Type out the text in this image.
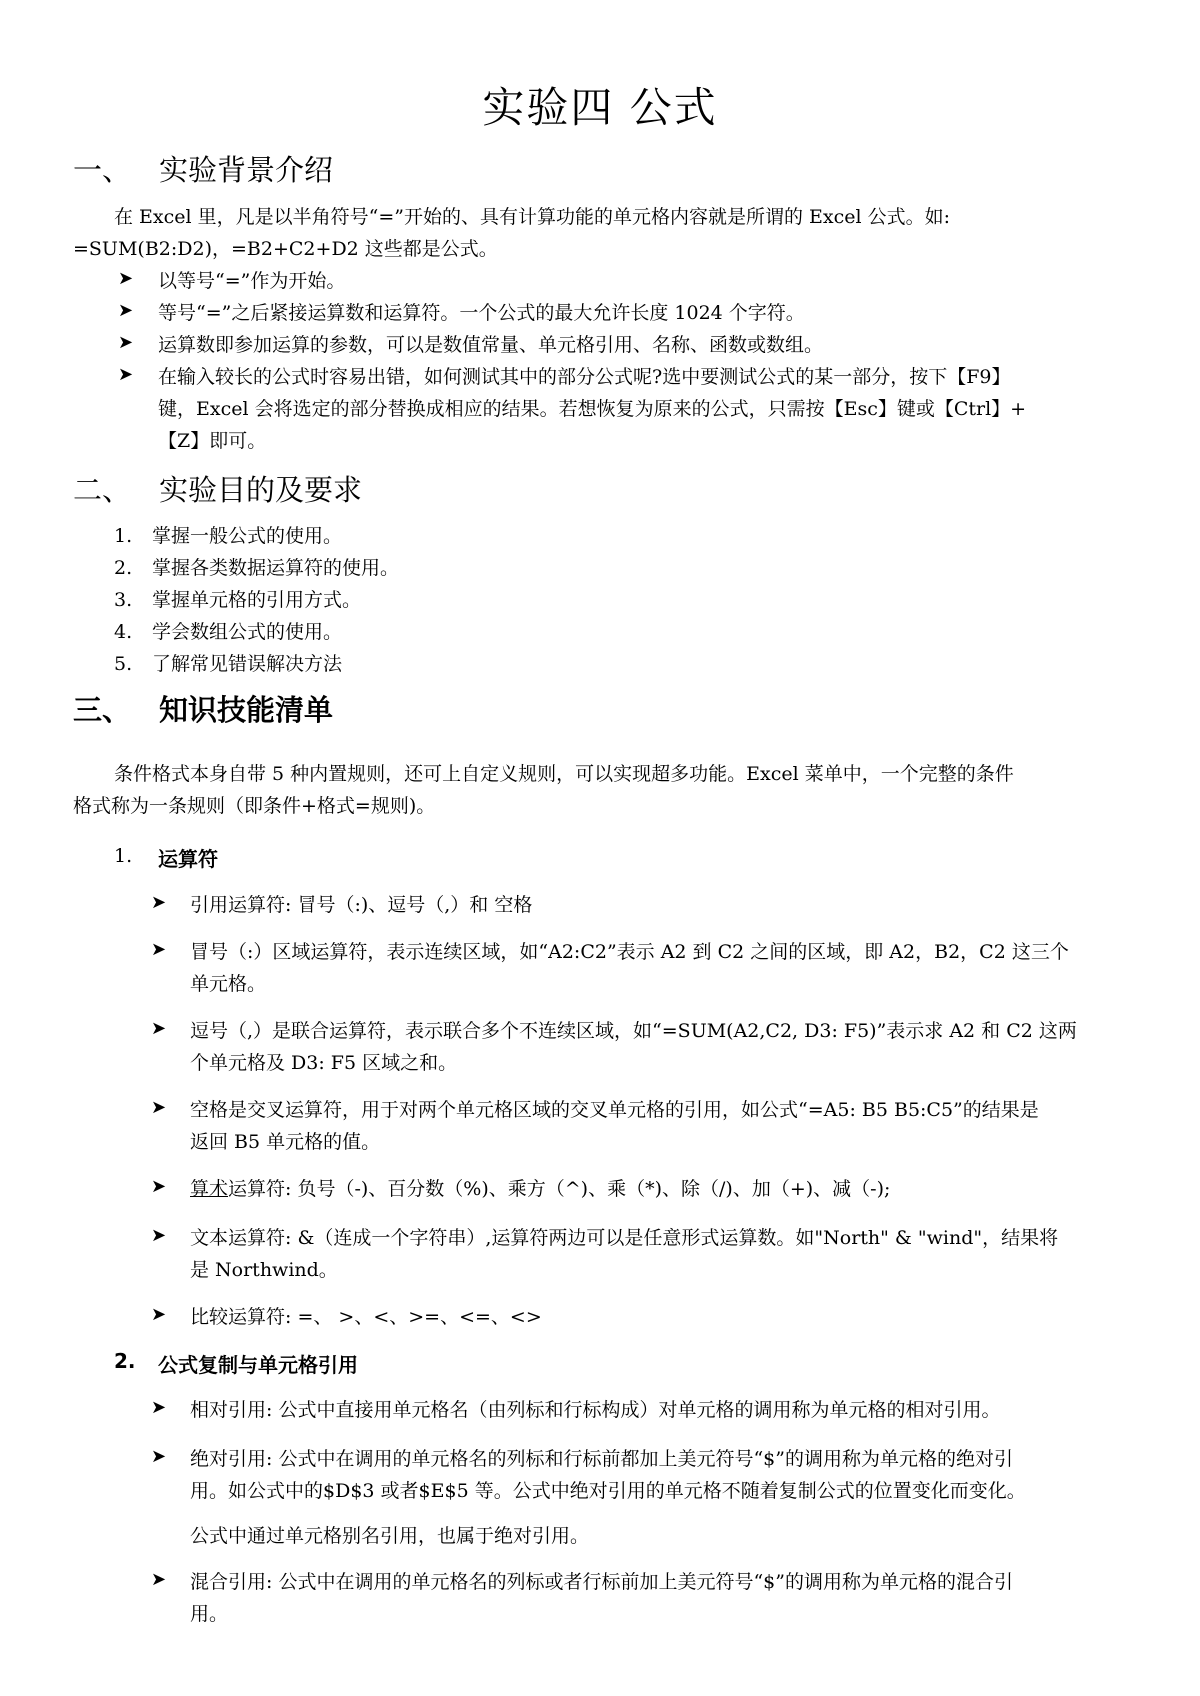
实验四 公式
一、 实验背景介绍
在 Excel 里，凡是以半角符号“=”开始的、具有计算功能的单元格内容就是所谓的 Excel 公式。如:
=SUM(B2:D2)，=B2+C2+D2 这些都是公式。
➤ 以等号“=”作为开始。
➤ 等号“=”之后紧接运算数和运算符。一个公式的最大允许长度 1024 个字符。
➤ 运算数即参加运算的参数，可以是数值常量、单元格引用、名称、函数或数组。
➤ 在输入较长的公式时容易出错，如何测试其中的部分公式呢?选中要测试公式的某一部分，按下【F9】
键，Excel 会将选定的部分替换成相应的结果。若想恢复为原来的公式，只需按【Esc】键或【Ctrl】+
【Z】即可。
二、 实验目的及要求
1. 掌握一般公式的使用。
2. 掌握各类数据运算符的使用。
3. 掌握单元格的引用方式。
4. 学会数组公式的使用。
5. 了解常见错误解决方法
三、 知识技能清单
条件格式本身自带 5 种内置规则，还可上自定义规则，可以实现超多功能。Excel 菜单中，一个完整的条件
格式称为一条规则（即条件+格式=规则)。
1. 运算符
➤ 引用运算符: 冒号（:)、逗号（,）和 空格
➤ 冒号（:）区域运算符，表示连续区域，如“A2:C2”表示 A2 到 C2 之间的区域，即 A2，B2，C2 这三个
单元格。
➤ 逗号（,）是联合运算符，表示联合多个不连续区域，如“=SUM(A2,C2, D3: F5)”表示求 A2 和 C2 这两
个单元格及 D3: F5 区域之和。
➤ 空格是交叉运算符，用于对两个单元格区域的交叉单元格的引用，如公式“=A5: B5 B5:C5”的结果是
返回 B5 单元格的值。
➤ 算术运算符: 负号（-)、百分数（%)、乘方（^)、乘（*)、除（/)、加（+)、减（-);
➤ 文本运算符: &（连成一个字符串）,运算符两边可以是任意形式运算数。如"North" & "wind"，结果将
是 Northwind。
➤ 比较运算符: =、 >、<、>=、<=、<>
2. 公式复制与单元格引用
➤ 相对引用: 公式中直接用单元格名（由列标和行标构成）对单元格的调用称为单元格的相对引用。
➤ 绝对引用: 公式中在调用的单元格名的列标和行标前都加上美元符号“$”的调用称为单元格的绝对引
用。如公式中的$D$3 或者$E$5 等。公式中绝对引用的单元格不随着复制公式的位置变化而变化。
公式中通过单元格别名引用，也属于绝对引用。
➤ 混合引用: 公式中在调用的单元格名的列标或者行标前加上美元符号“$”的调用称为单元格的混合引
用。
